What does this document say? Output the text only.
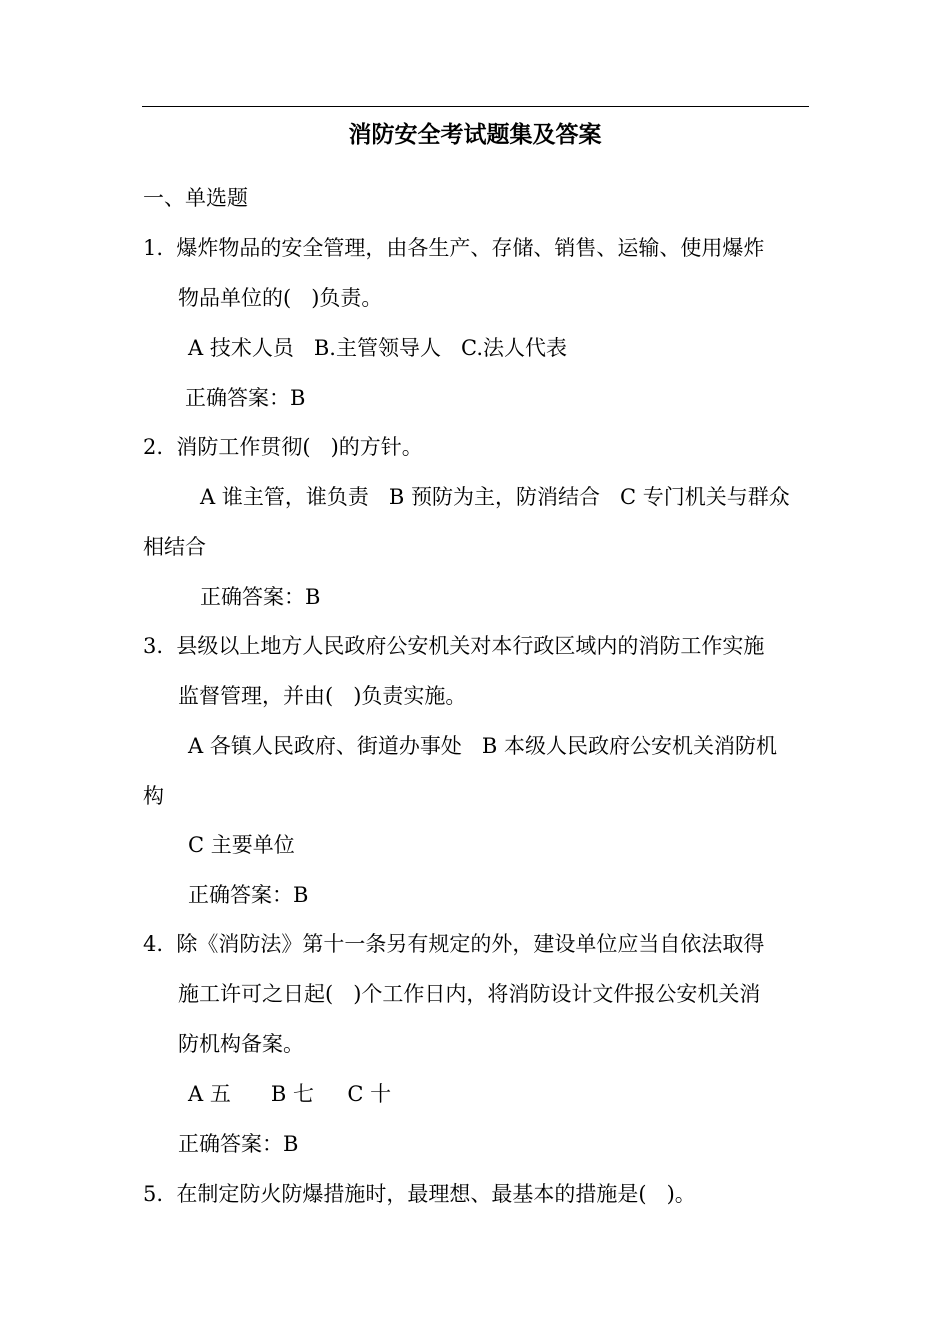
消防安全考试题集及答案
一、单选题
1.  爆炸物品的安全管理，由各生产、存储、销售、运输、使用爆炸
物品单位的(   )负责。
A 技术人员   B.主管领导人   C.法人代表
正确答案：B
2.  消防工作贯彻(   )的方针。
A 谁主管，谁负责   B 预防为主，防消结合   C 专门机关与群众
相结合
正确答案：B
3.  县级以上地方人民政府公安机关对本行政区域内的消防工作实施
监督管理，并由(   )负责实施。
A 各镇人民政府、街道办事处   B 本级人民政府公安机关消防机
构
C 主要单位
正确答案：B
4.  除《消防法》第十一条另有规定的外，建设单位应当自依法取得
施工许可之日起(   )个工作日内，将消防设计文件报公安机关消
防机构备案。
A 五      B 七     C 十
正确答案：B
5.  在制定防火防爆措施时，最理想、最基本的措施是(   )。
